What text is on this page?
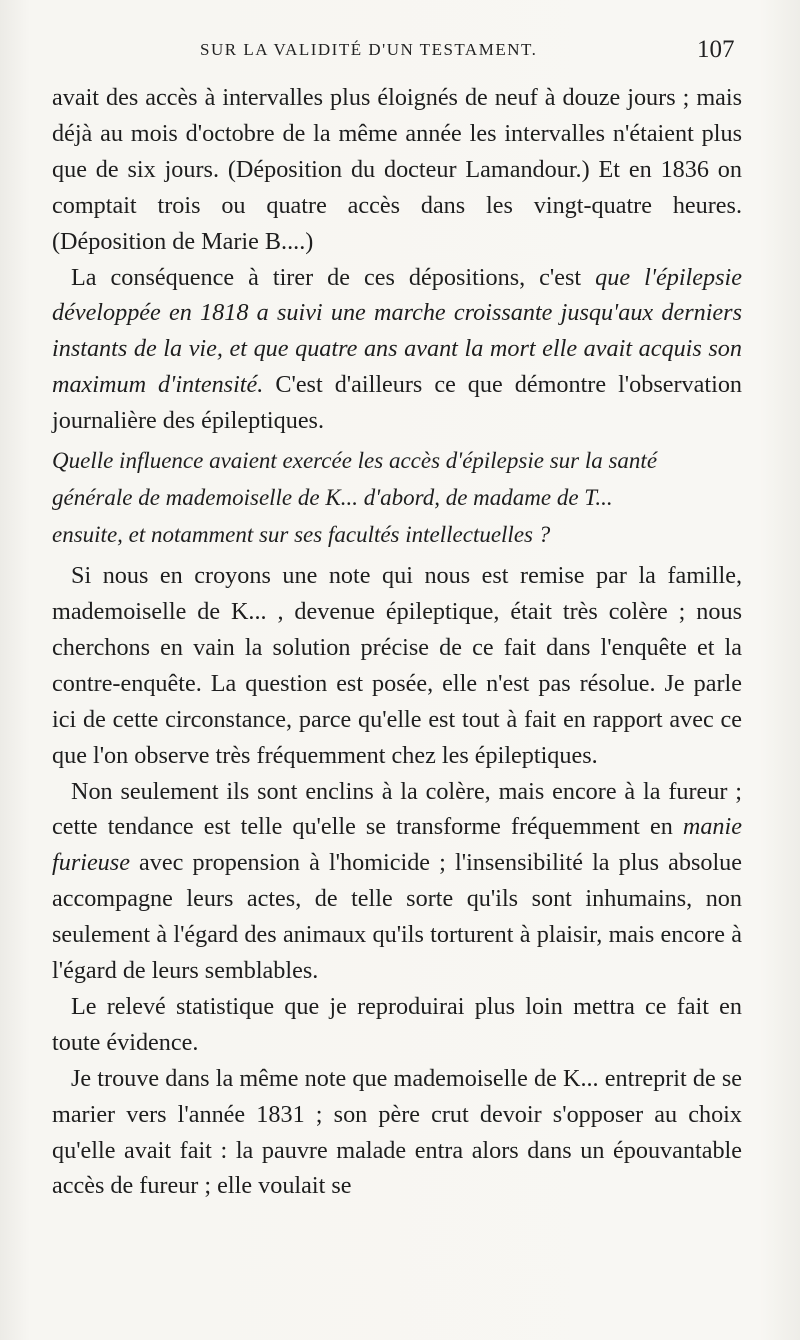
SUR LA VALIDITÉ D'UN TESTAMENT.	107

avait des accès à intervalles plus éloignés de neuf à douze jours ; mais déjà au mois d'octobre de la même année les intervalles n'étaient plus que de six jours. (Déposition du docteur Lamandour.) Et en 1836 on comptait trois ou quatre accès dans les vingt-quatre heures. (Déposition de Marie B....)

La conséquence à tirer de ces dépositions, c'est que l'épilepsie développée en 1818 a suivi une marche croissante jusqu'aux derniers instants de la vie, et que quatre ans avant la mort elle avait acquis son maximum d'intensité. C'est d'ailleurs ce que démontre l'observation journalière des épileptiques.

Quelle influence avaient exercée les accès d'épilepsie sur la santé
générale de mademoiselle de K... d'abord, de madame de T...
ensuite, et notamment sur ses facultés intellectuelles ?

Si nous en croyons une note qui nous est remise par la famille, mademoiselle de K... , devenue épileptique, était très colère ; nous cherchons en vain la solution précise de ce fait dans l'enquête et la contre-enquête. La question est posée, elle n'est pas résolue. Je parle ici de cette circonstance, parce qu'elle est tout à fait en rapport avec ce que l'on observe très fréquemment chez les épileptiques.

Non seulement ils sont enclins à la colère, mais encore à la fureur ; cette tendance est telle qu'elle se transforme fréquemment en manie furieuse avec propension à l'homicide ; l'insensibilité la plus absolue accompagne leurs actes, de telle sorte qu'ils sont inhumains, non seulement à l'égard des animaux qu'ils torturent à plaisir, mais encore à l'égard de leurs semblables.

Le relevé statistique que je reproduirai plus loin mettra ce fait en toute évidence.

Je trouve dans la même note que mademoiselle de K... entreprit de se marier vers l'année 1831 ; son père crut devoir s'opposer au choix qu'elle avait fait : la pauvre malade entra alors dans un épouvantable accès de fureur ; elle voulait se
